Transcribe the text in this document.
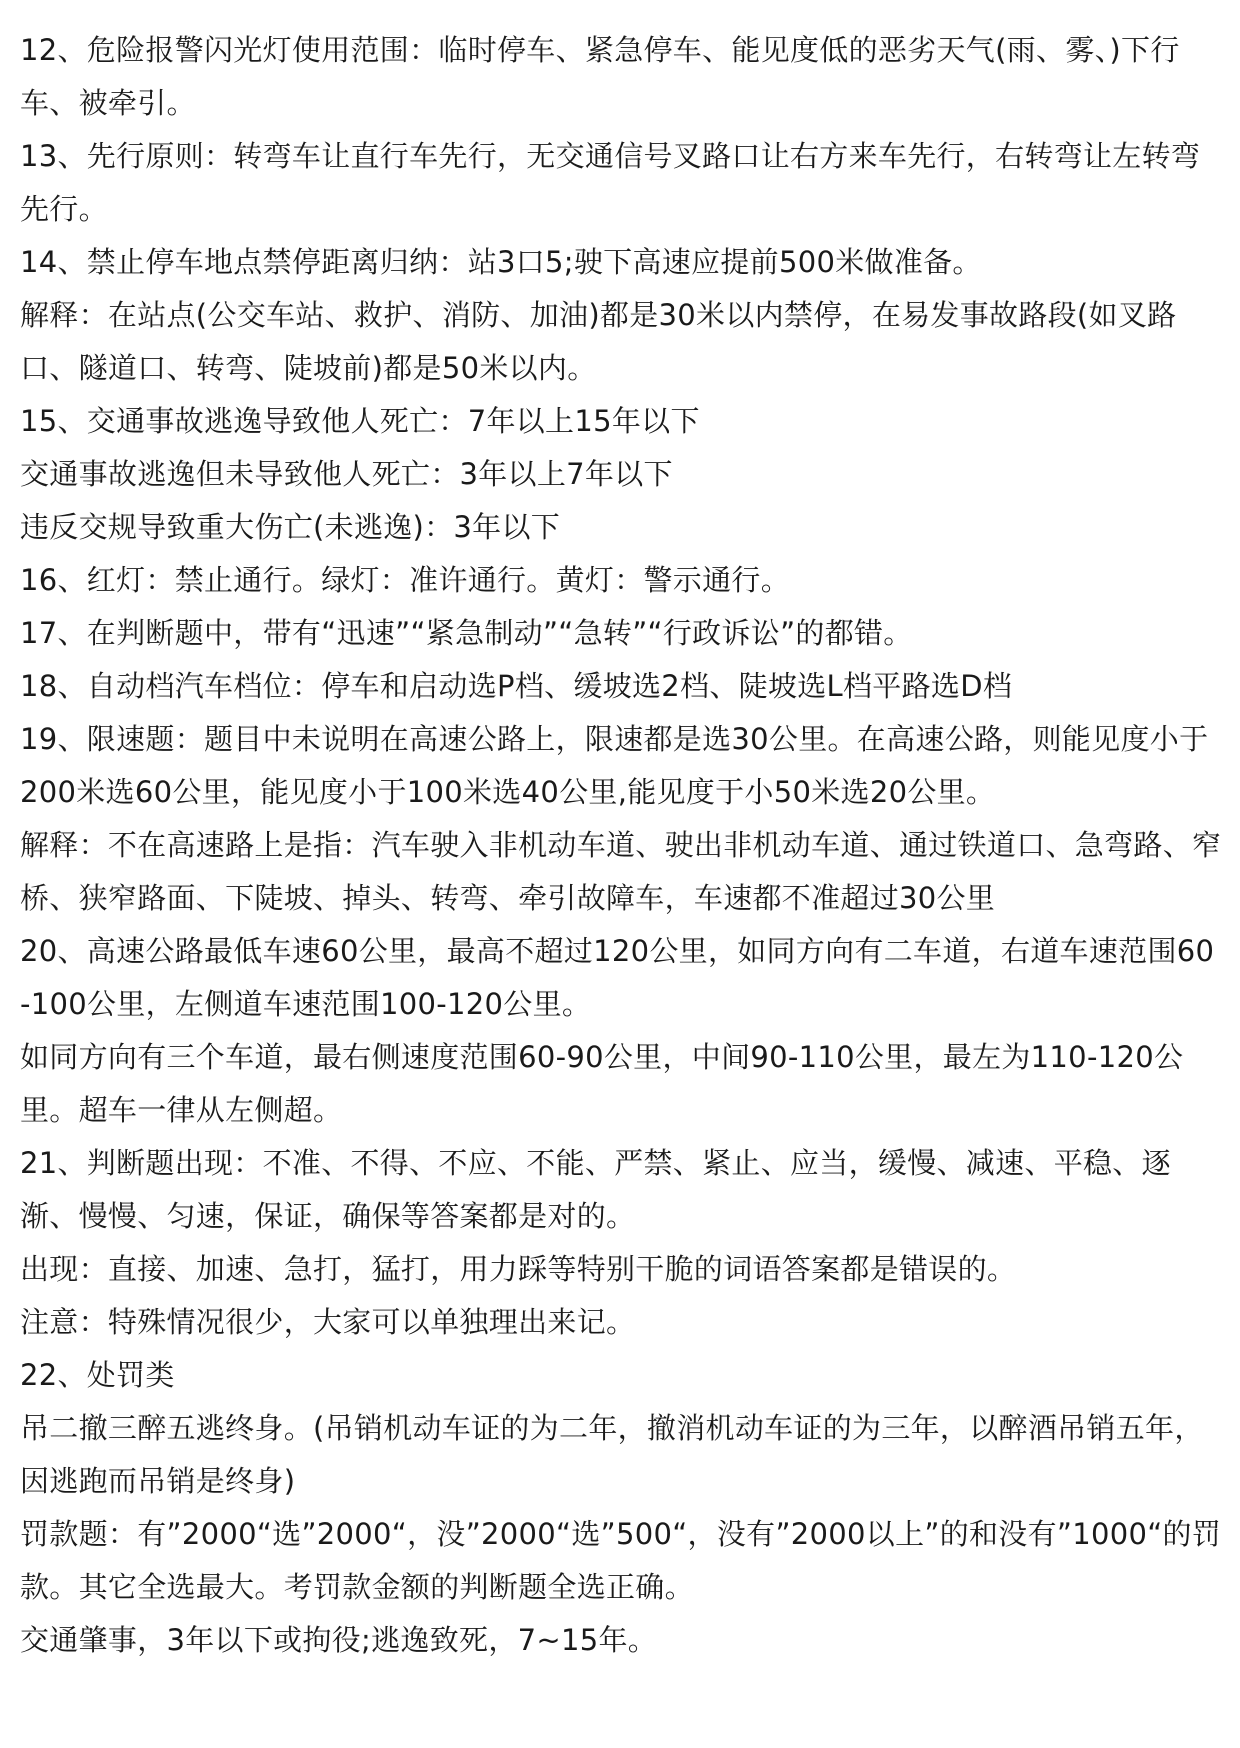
12、危险报警闪光灯使用范围：临时停车、紧急停车、能见度低的恶劣天气(雨、雾、)下行车、被牵引。

13、先行原则：转弯车让直行车先行，无交通信号叉路口让右方来车先行，右转弯让左转弯先行。

14、禁止停车地点禁停距离归纳：站3口5;驶下高速应提前500米做准备。

解释：在站点(公交车站、救护、消防、加油)都是30米以内禁停，在易发事故路段(如叉路口、隧道口、转弯、陡坡前)都是50米以内。

15、交通事故逃逸导致他人死亡：7年以上15年以下

交通事故逃逸但未导致他人死亡：3年以上7年以下

违反交规导致重大伤亡(未逃逸)：3年以下

16、红灯：禁止通行。绿灯：准许通行。黄灯：警示通行。

17、在判断题中，带有“迅速”“紧急制动”“急转”“行政诉讼”的都错。

18、自动档汽车档位：停车和启动选P档、缓坡选2档、陡坡选L档平路选D档

19、限速题：题目中未说明在高速公路上，限速都是选30公里。在高速公路，则能见度小于200米选60公里，能见度小于100米选40公里,能见度于小50米选20公里。

解释：不在高速路上是指：汽车驶入非机动车道、驶出非机动车道、通过铁道口、急弯路、窄桥、狭窄路面、下陡坡、掉头、转弯、牵引故障车，车速都不准超过30公里

20、高速公路最低车速60公里，最高不超过120公里，如同方向有二车道，右道车速范围60-100公里，左侧道车速范围100-120公里。

如同方向有三个车道，最右侧速度范围60-90公里，中间90-110公里，最左为110-120公里。超车一律从左侧超。

21、判断题出现：不准、不得、不应、不能、严禁、紧止、应当，缓慢、减速、平稳、逐渐、慢慢、匀速，保证，确保等答案都是对的。

出现：直接、加速、急打，猛打，用力踩等特别干脆的词语答案都是错误的。

注意：特殊情况很少，大家可以单独理出来记。

22、处罚类

吊二撤三醉五逃终身。(吊销机动车证的为二年，撤消机动车证的为三年，以醉酒吊销五年，因逃跑而吊销是终身)

罚款题：有”2000“选”2000“，没”2000“选”500“，没有”2000以上”的和没有”1000“的罚款。其它全选最大。考罚款金额的判断题全选正确。

交通肇事，3年以下或拘役;逃逸致死，7~15年。
